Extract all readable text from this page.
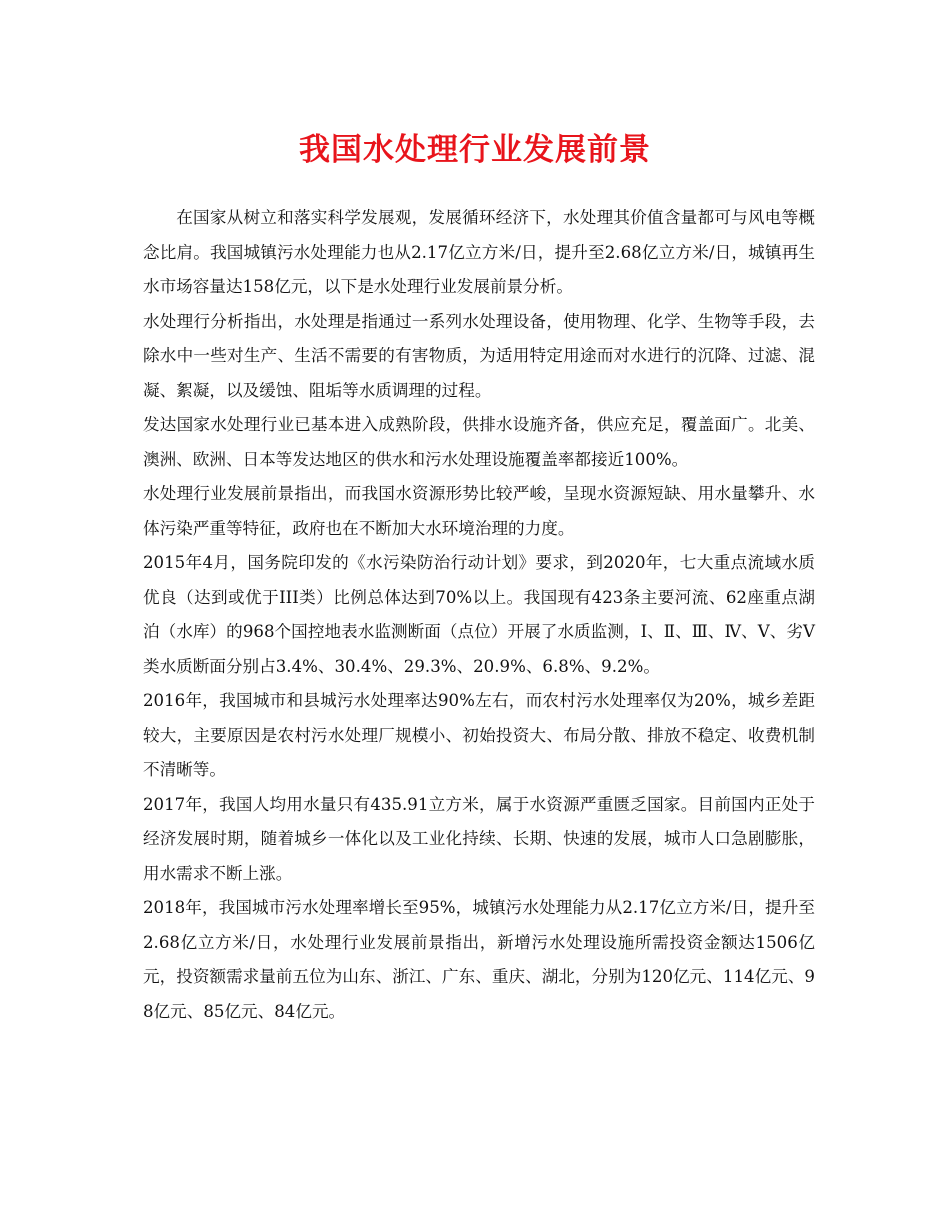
我国水处理行业发展前景

在国家从树立和落实科学发展观，发展循环经济下，水处理其价值含量都可与风电等概念比肩。我国城镇污水处理能力也从2.17亿立方米/日，提升至2.68亿立方米/日，城镇再生水市场容量达158亿元，以下是水处理行业发展前景分析。

水处理行分析指出，水处理是指通过一系列水处理设备，使用物理、化学、生物等手段，去除水中一些对生产、生活不需要的有害物质，为适用特定用途而对水进行的沉降、过滤、混凝、絮凝，以及缓蚀、阻垢等水质调理的过程。

发达国家水处理行业已基本进入成熟阶段，供排水设施齐备，供应充足，覆盖面广。北美、澳洲、欧洲、日本等发达地区的供水和污水处理设施覆盖率都接近100%。

水处理行业发展前景指出，而我国水资源形势比较严峻，呈现水资源短缺、用水量攀升、水体污染严重等特征，政府也在不断加大水环境治理的力度。

2015年4月，国务院印发的《水污染防治行动计划》要求，到2020年，七大重点流域水质优良（达到或优于III类）比例总体达到70%以上。我国现有423条主要河流、62座重点湖泊（水库）的968个国控地表水监测断面（点位）开展了水质监测，Ⅰ、Ⅱ、Ⅲ、Ⅳ、Ⅴ、劣Ⅴ类水质断面分别占3.4%、30.4%、29.3%、20.9%、6.8%、9.2%。

2016年，我国城市和县城污水处理率达90%左右，而农村污水处理率仅为20%，城乡差距较大，主要原因是农村污水处理厂规模小、初始投资大、布局分散、排放不稳定、收费机制不清晰等。

2017年，我国人均用水量只有435.91立方米，属于水资源严重匮乏国家。目前国内正处于经济发展时期，随着城乡一体化以及工业化持续、长期、快速的发展，城市人口急剧膨胀，用水需求不断上涨。

2018年，我国城市污水处理率增长至95%，城镇污水处理能力从2.17亿立方米/日，提升至2.68亿立方米/日，水处理行业发展前景指出，新增污水处理设施所需投资金额达1506亿元，投资额需求量前五位为山东、浙江、广东、重庆、湖北，分别为120亿元、114亿元、98亿元、85亿元、84亿元。
